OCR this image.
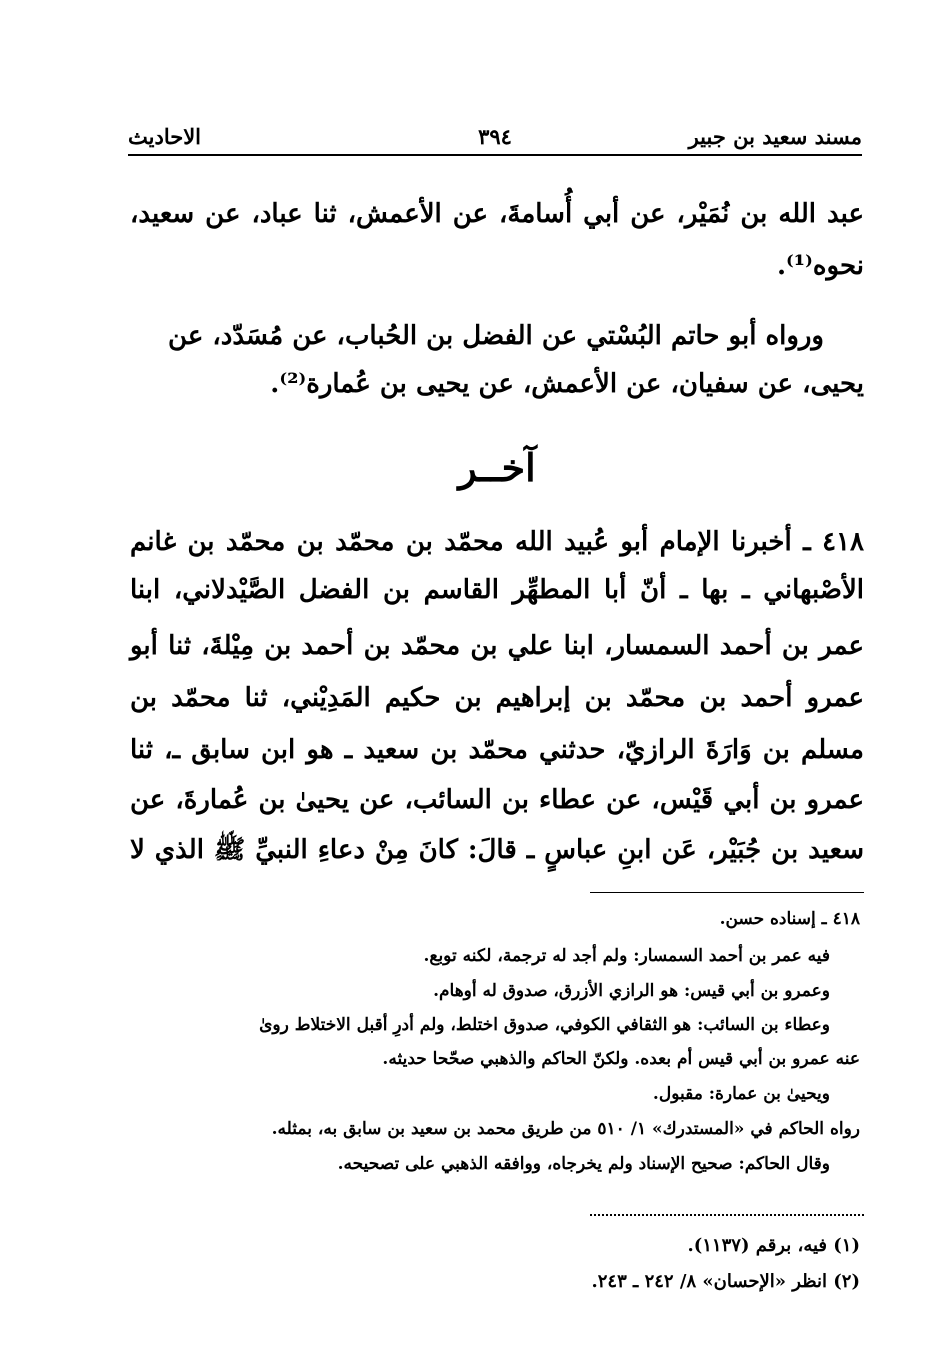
مسند سعيد بن جبير
٣٩٤
الاحاديث
عبد الله بن نُمَيْر، عن أبي أُسامةَ، عن الأعمش، ثنا عباد، عن سعيد،
نحوه⁽¹⁾.
ورواه أبو حاتم البُسْتي عن الفضل بن الحُباب، عن مُسَدّد، عن
يحيى، عن سفيان، عن الأعمش، عن يحيى بن عُمارة⁽²⁾.
آخــر
٤١٨ ـ أخبرنا الإمام أبو عُبيد الله محمّد بن محمّد بن محمّد بن غانم
الأصْبهاني ـ بها ـ أنّ أبا المطهِّر القاسم بن الفضل الصَّيْدلاني، ابنا
عمر بن أحمد السمسار، ابنا علي بن محمّد بن أحمد بن مِيْلةَ، ثنا أبو
عمرو أحمد بن محمّد بن إبراهيم بن حكيم المَدِيْني، ثنا محمّد بن
مسلم بن وَارَةَ الرازيّ، حدثني محمّد بن سعيد ـ هو ابن سابق ـ، ثنا
عمرو بن أبي قَيْس، عن عطاء بن السائب، عن يحيىٰ بن عُمارةَ، عن
سعيد بن جُبَيْر، عَن ابنِ عباسٍ ـ قالَ: كانَ مِنْ دعاءِ النبيِّ ﷺ الذي لا
٤١٨ ـ إسناده حسن.
فيه عمر بن أحمد السمسار: ولم أجد له ترجمة، لكنه توبع.
وعمرو بن أبي قيس: هو الرازي الأزرق، صدوق له أوهام.
وعطاء بن السائب: هو الثقافي الكوفي، صدوق اختلط، ولم أدرِ أقبل الاختلاط روىٰ
عنه عمرو بن أبي قيس أم بعده. ولكنّ الحاكم والذهبي صحّحا حديثه.
ويحيىٰ بن عمارة: مقبول.
رواه الحاكم في «المستدرك» ١/ ٥١٠ من طريق محمد بن سعيد بن سابق به، بمثله.
وقال الحاكم: صحيح الإسناد ولم يخرجاه، ووافقه الذهبي على تصحيحه.
(١) فيه، برقم (١١٣٧).
(٢) انظر «الإحسان» ٨/ ٢٤٢ ـ ٢٤٣.
